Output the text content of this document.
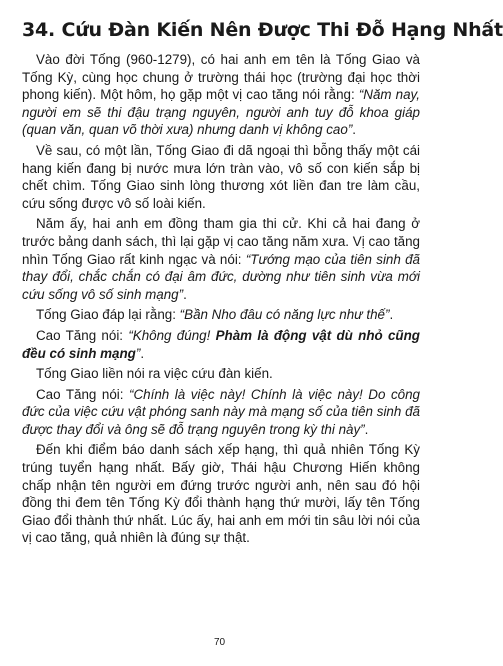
34. Cứu Đàn Kiến Nên Được Thi Đỗ Hạng Nhất

Vào đời Tống (960-1279), có hai anh em tên là Tống Giao và Tống Kỳ, cùng học chung ở trường thái học (trường đại học thời phong kiến). Một hôm, họ gặp một vị cao tăng nói rằng: “Năm nay, người em sẽ thi đậu trạng nguyên, người anh tuy đỗ khoa giáp (quan văn, quan võ thời xưa) nhưng danh vị không cao”.

Về sau, có một lần, Tống Giao đi dã ngoại thì bỗng thấy một cái hang kiến đang bị nước mưa lớn tràn vào, vô số con kiến sắp bị chết chìm. Tống Giao sinh lòng thương xót liền đan tre làm cầu, cứu sống được vô số loài kiến.

Năm ấy, hai anh em đồng tham gia thi cử. Khi cả hai đang ở trước bảng danh sách, thì lại gặp vị cao tăng năm xưa. Vị cao tăng nhìn Tống Giao rất kinh ngạc và nói: “Tướng mạo của tiên sinh đã thay đổi, chắc chắn có đại âm đức, dường như tiên sinh vừa mới cứu sống vô số sinh mạng”.

Tống Giao đáp lại rằng: “Bần Nho đâu có năng lực như thế”.

Cao Tăng nói: “Không đúng! Phàm là động vật dù nhỏ cũng đều có sinh mạng”.

Tống Giao liền nói ra việc cứu đàn kiến.

Cao Tăng nói: “Chính là việc này! Chính là việc này! Do công đức của việc cứu vật phóng sanh này mà mạng số của tiên sinh đã được thay đổi và ông sẽ đỗ trạng nguyên trong kỳ thi này”.

Đến khi điểm báo danh sách xếp hạng, thì quả nhiên Tống Kỳ trúng tuyển hạng nhất. Bấy giờ, Thái hậu Chương Hiến không chấp nhận tên người em đứng trước người anh, nên sau đó hội đồng thi đem tên Tống Kỳ đổi thành hạng thứ mười, lấy tên Tống Giao đổi thành thứ nhất. Lúc ấy, hai anh em mới tin sâu lời nói của vị cao tăng, quả nhiên là đúng sự thật.

70
